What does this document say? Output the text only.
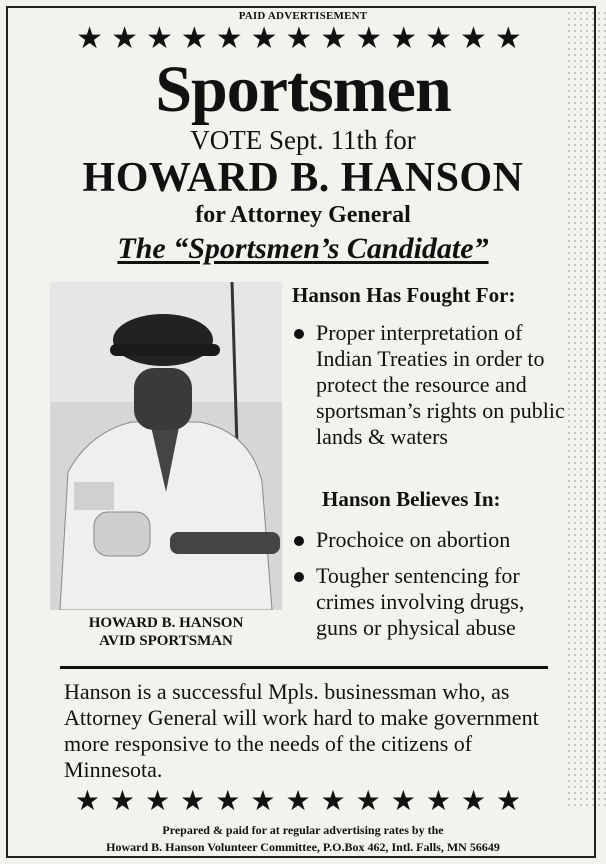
PAID ADVERTISEMENT
★★★★★★★★★★★★★
Sportsmen
VOTE Sept. 11th for
HOWARD B. HANSON
for Attorney General
The “Sportsmen’s Candidate”
HOWARD B. HANSON
AVID SPORTSMAN
Hanson Has Fought For:
Proper interpretation of Indian Treaties in order to protect the resource and sportsman’s rights on public lands & waters
Hanson Believes In:
Prochoice on abortion
Tougher sentencing for crimes involving drugs, guns or physical abuse
Hanson is a successful Mpls. businessman who, as Attorney General will work hard to make government more responsive to the needs of the citizens of Minnesota.
★★★★★★★★★★★★★
Prepared & paid for at regular advertising rates by the
Howard B. Hanson Volunteer Committee, P.O.Box 462, Intl. Falls, MN 56649
